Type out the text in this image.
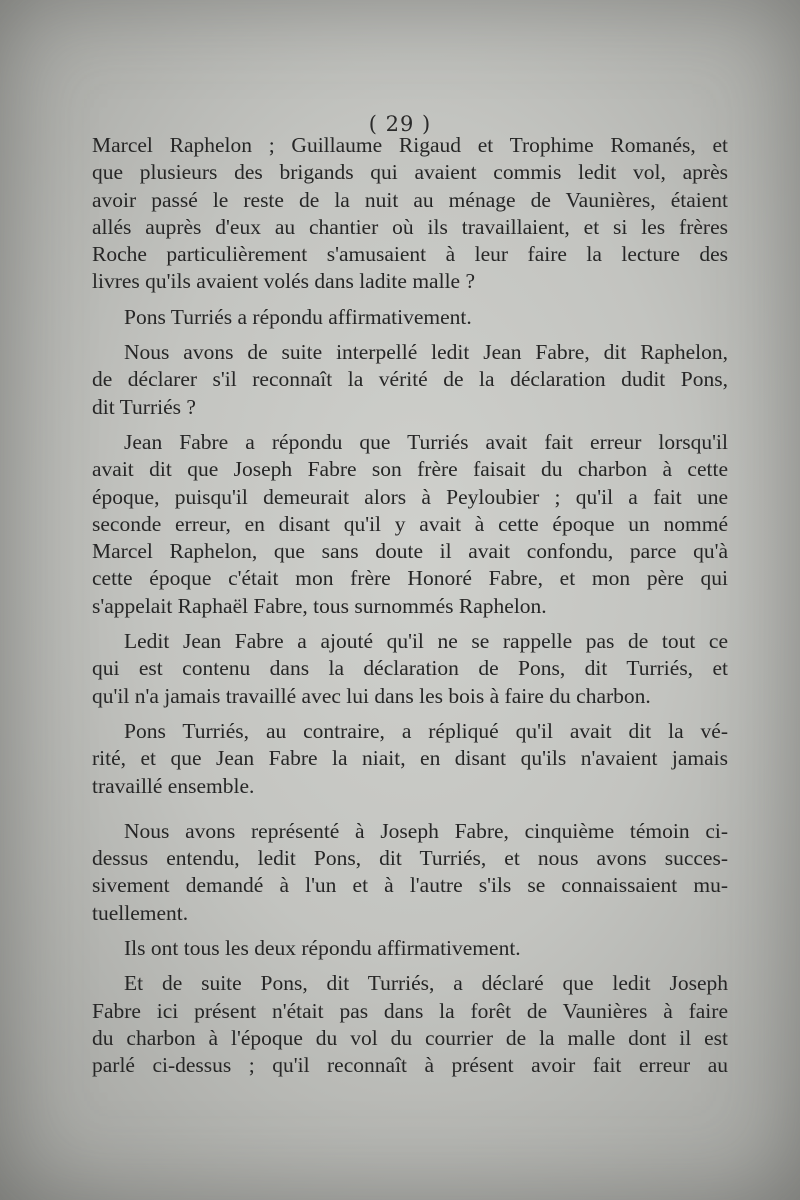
( 29 )

Marcel Raphelon ; Guillaume Rigaud et Trophime Romanés, et
que plusieurs des brigands qui avaient commis ledit vol, après
avoir passé le reste de la nuit au ménage de Vaunières, étaient
allés auprès d'eux au chantier où ils travaillaient, et si les frères
Roche particulièrement s'amusaient à leur faire la lecture des
livres qu'ils avaient volés dans ladite malle ?

Pons Turriés a répondu affirmativement.

Nous avons de suite interpellé ledit Jean Fabre, dit Raphelon,
de déclarer s'il reconnaît la vérité de la déclaration dudit Pons,
dit Turriés ?

Jean Fabre a répondu que Turriés avait fait erreur lorsqu'il
avait dit que Joseph Fabre son frère faisait du charbon à cette
époque, puisqu'il demeurait alors à Peyloubier ; qu'il a fait une
seconde erreur, en disant qu'il y avait à cette époque un nommé
Marcel Raphelon, que sans doute il avait confondu, parce qu'à
cette époque c'était mon frère Honoré Fabre, et mon père qui
s'appelait Raphaël Fabre, tous surnommés Raphelon.

Ledit Jean Fabre a ajouté qu'il ne se rappelle pas de tout ce
qui est contenu dans la déclaration de Pons, dit Turriés, et
qu'il n'a jamais travaillé avec lui dans les bois à faire du charbon.

Pons Turriés, au contraire, a répliqué qu'il avait dit la vé-
rité, et que Jean Fabre la niait, en disant qu'ils n'avaient jamais
travaillé ensemble.

Nous avons représenté à Joseph Fabre, cinquième témoin ci-
dessus entendu, ledit Pons, dit Turriés, et nous avons succes-
sivement demandé à l'un et à l'autre s'ils se connaissaient mu-
tuellement.

Ils ont tous les deux répondu affirmativement.

Et de suite Pons, dit Turriés, a déclaré que ledit Joseph
Fabre ici présent n'était pas dans la forêt de Vaunières à faire
du charbon à l'époque du vol du courrier de la malle dont il est
parlé ci-dessus ; qu'il reconnaît à présent avoir fait erreur au
